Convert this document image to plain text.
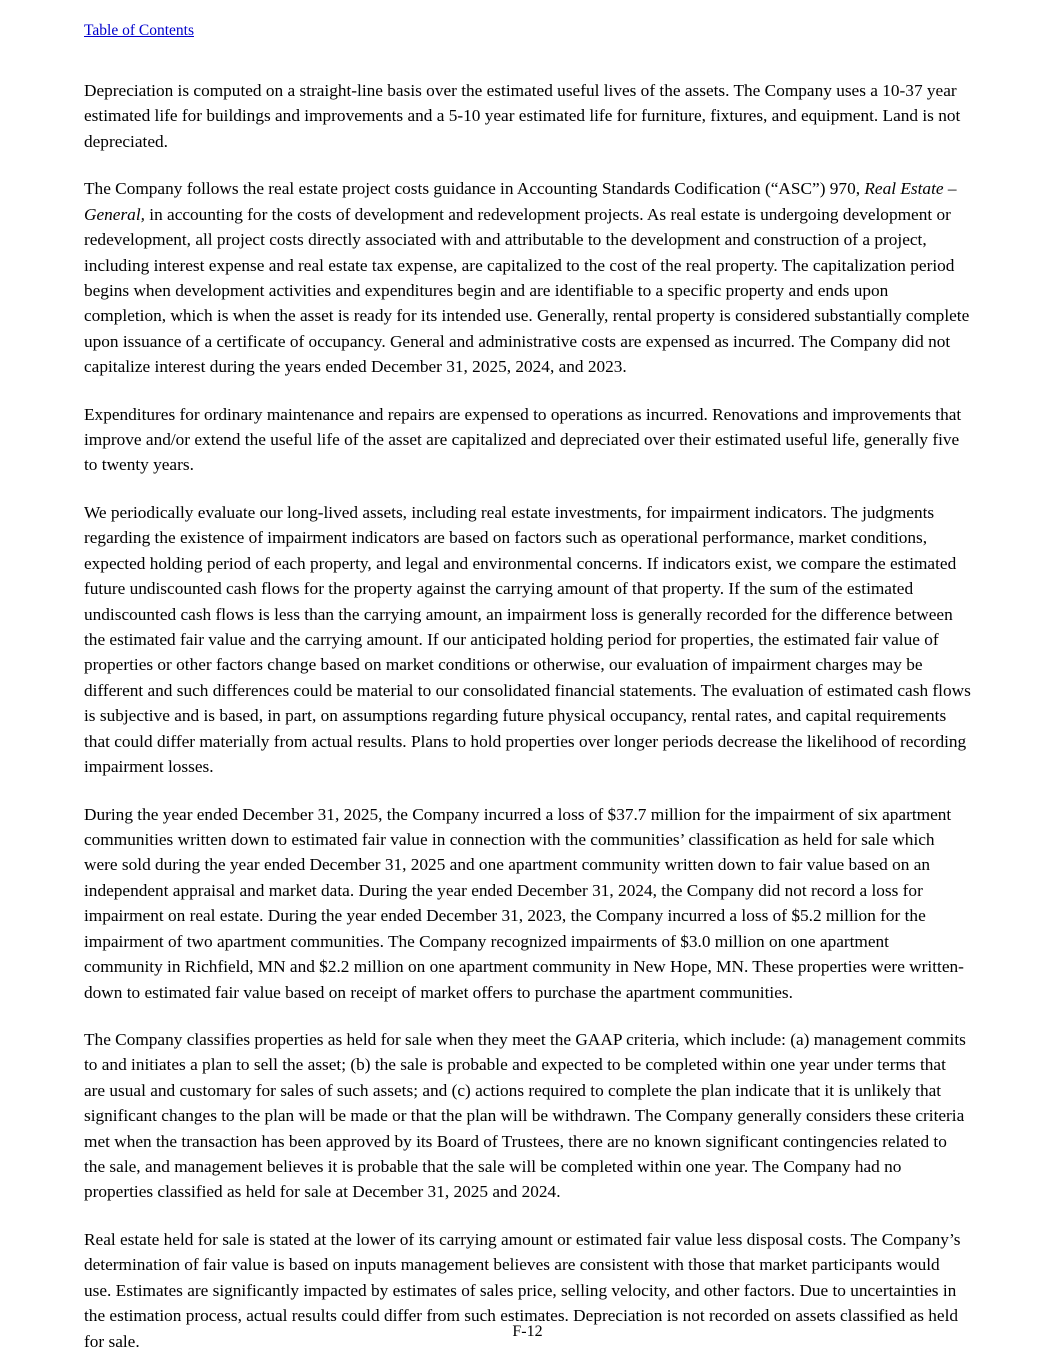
Table of Contents

Depreciation is computed on a straight-line basis over the estimated useful lives of the assets. The Company uses a 10-37 year estimated life for buildings and improvements and a 5-10 year estimated life for furniture, fixtures, and equipment. Land is not depreciated.

The Company follows the real estate project costs guidance in Accounting Standards Codification (“ASC”) 970, Real Estate – General, in accounting for the costs of development and redevelopment projects. As real estate is undergoing development or redevelopment, all project costs directly associated with and attributable to the development and construction of a project, including interest expense and real estate tax expense, are capitalized to the cost of the real property. The capitalization period begins when development activities and expenditures begin and are identifiable to a specific property and ends upon completion, which is when the asset is ready for its intended use. Generally, rental property is considered substantially complete upon issuance of a certificate of occupancy. General and administrative costs are expensed as incurred. The Company did not capitalize interest during the years ended December 31, 2025, 2024, and 2023.

Expenditures for ordinary maintenance and repairs are expensed to operations as incurred. Renovations and improvements that improve and/or extend the useful life of the asset are capitalized and depreciated over their estimated useful life, generally five to twenty years.

We periodically evaluate our long-lived assets, including real estate investments, for impairment indicators. The judgments regarding the existence of impairment indicators are based on factors such as operational performance, market conditions, expected holding period of each property, and legal and environmental concerns. If indicators exist, we compare the estimated future undiscounted cash flows for the property against the carrying amount of that property. If the sum of the estimated undiscounted cash flows is less than the carrying amount, an impairment loss is generally recorded for the difference between the estimated fair value and the carrying amount. If our anticipated holding period for properties, the estimated fair value of properties or other factors change based on market conditions or otherwise, our evaluation of impairment charges may be different and such differences could be material to our consolidated financial statements. The evaluation of estimated cash flows is subjective and is based, in part, on assumptions regarding future physical occupancy, rental rates, and capital requirements that could differ materially from actual results. Plans to hold properties over longer periods decrease the likelihood of recording impairment losses.

During the year ended December 31, 2025, the Company incurred a loss of $37.7 million for the impairment of six apartment communities written down to estimated fair value in connection with the communities’ classification as held for sale which were sold during the year ended December 31, 2025 and one apartment community written down to fair value based on an independent appraisal and market data. During the year ended December 31, 2024, the Company did not record a loss for impairment on real estate. During the year ended December 31, 2023, the Company incurred a loss of $5.2 million for the impairment of two apartment communities. The Company recognized impairments of $3.0 million on one apartment community in Richfield, MN and $2.2 million on one apartment community in New Hope, MN. These properties were written-down to estimated fair value based on receipt of market offers to purchase the apartment communities.

The Company classifies properties as held for sale when they meet the GAAP criteria, which include: (a) management commits to and initiates a plan to sell the asset; (b) the sale is probable and expected to be completed within one year under terms that are usual and customary for sales of such assets; and (c) actions required to complete the plan indicate that it is unlikely that significant changes to the plan will be made or that the plan will be withdrawn. The Company generally considers these criteria met when the transaction has been approved by its Board of Trustees, there are no known significant contingencies related to the sale, and management believes it is probable that the sale will be completed within one year. The Company had no properties classified as held for sale at December 31, 2025 and 2024.

Real estate held for sale is stated at the lower of its carrying amount or estimated fair value less disposal costs. The Company’s determination of fair value is based on inputs management believes are consistent with those that market participants would use. Estimates are significantly impacted by estimates of sales price, selling velocity, and other factors. Due to uncertainties in the estimation process, actual results could differ from such estimates. Depreciation is not recorded on assets classified as held for sale.

F-12
